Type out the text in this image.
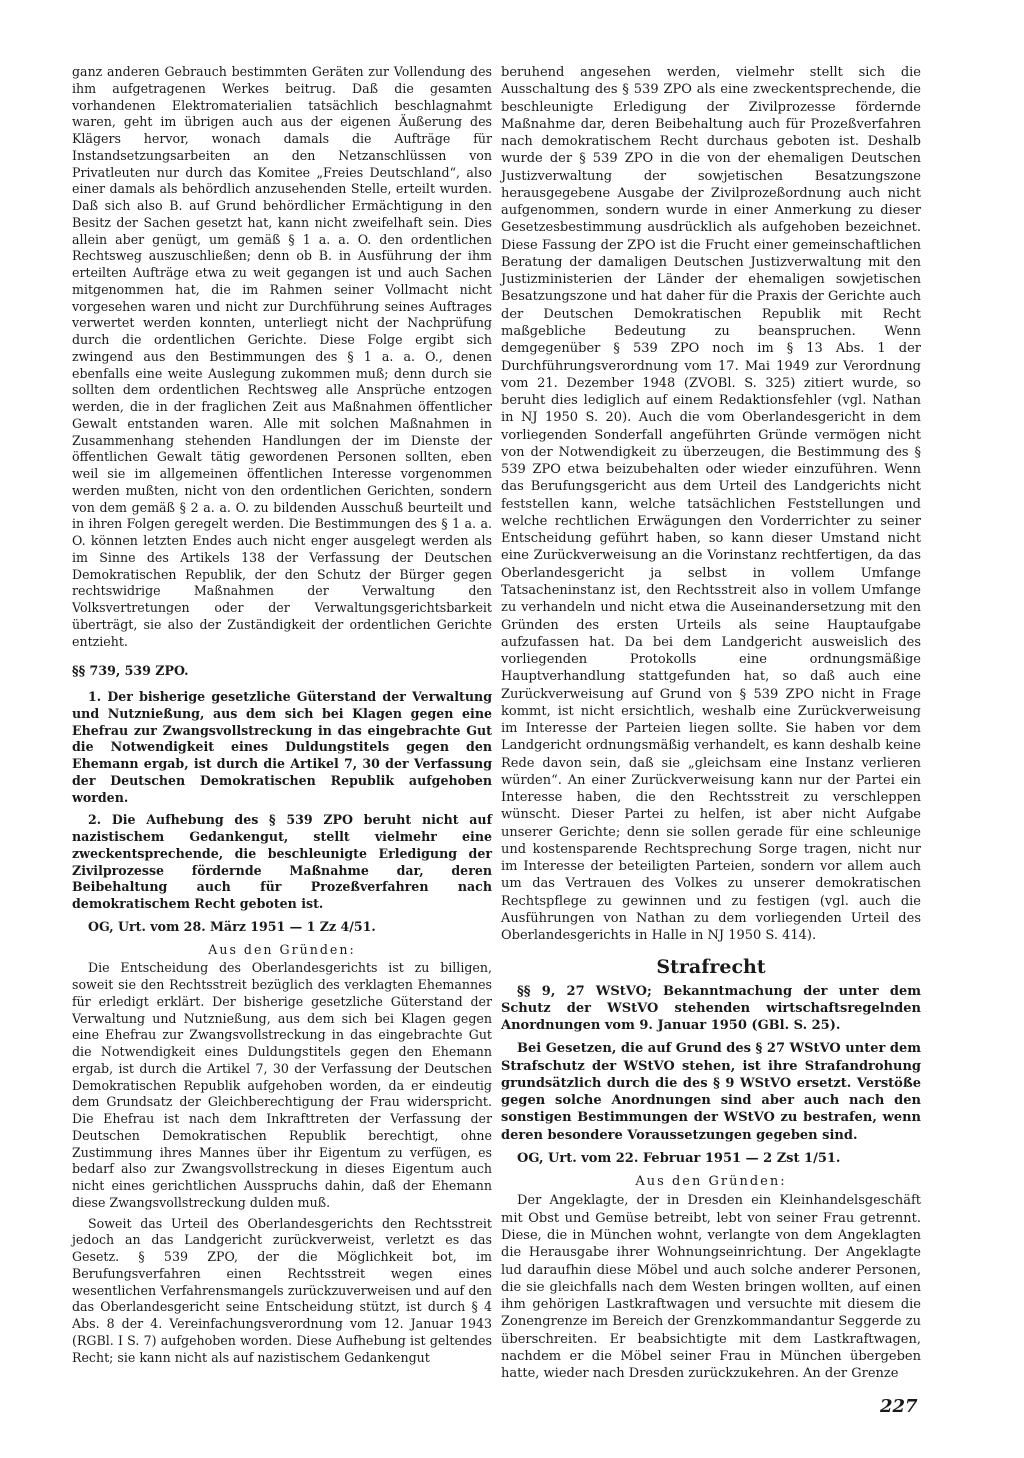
ganz anderen Gebrauch bestimmten Geräten zur Vollendung des ihm aufgetragenen Werkes beitrug. Daß die gesamten vorhandenen Elektromaterialien tatsächlich beschlagnahmt waren, geht im übrigen auch aus der eigenen Äußerung des Klägers hervor, wonach damals die Aufträge für Instandsetzungsarbeiten an den Netzanschlüssen von Privatleuten nur durch das Komitee „Freies Deutschland“, also einer damals als behördlich anzusehenden Stelle, erteilt wurden. Daß sich also B. auf Grund behördlicher Ermächtigung in den Besitz der Sachen gesetzt hat, kann nicht zweifelhaft sein. Dies allein aber genügt, um gemäß § 1 a. a. O. den ordentlichen Rechtsweg auszuschließen; denn ob B. in Ausführung der ihm erteilten Aufträge etwa zu weit gegangen ist und auch Sachen mitgenommen hat, die im Rahmen seiner Vollmacht nicht vorgesehen waren und nicht zur Durchführung seines Auftrages verwertet werden konnten, unterliegt nicht der Nachprüfung durch die ordentlichen Gerichte. Diese Folge ergibt sich zwingend aus den Bestimmungen des § 1 a. a. O., denen ebenfalls eine weite Auslegung zukommen muß; denn durch sie sollten dem ordentlichen Rechtsweg alle Ansprüche entzogen werden, die in der fraglichen Zeit aus Maßnahmen öffentlicher Gewalt entstanden waren. Alle mit solchen Maßnahmen in Zusammenhang stehenden Handlungen der im Dienste der öffentlichen Gewalt tätig gewordenen Personen sollten, eben weil sie im allgemeinen öffentlichen Interesse vorgenommen werden mußten, nicht von den ordentlichen Gerichten, sondern von dem gemäß § 2 a. a. O. zu bildenden Ausschuß beurteilt und in ihren Folgen geregelt werden. Die Bestimmungen des § 1 a. a. O. können letzten Endes auch nicht enger ausgelegt werden als im Sinne des Artikels 138 der Verfassung der Deutschen Demokratischen Republik, der den Schutz der Bürger gegen rechtswidrige Maßnahmen der Verwaltung den Volksvertretungen oder der Verwaltungsgerichtsbarkeit überträgt, sie also der Zuständigkeit der ordentlichen Gerichte entzieht.

§§ 739, 539 ZPO.

1. Der bisherige gesetzliche Güterstand der Verwaltung und Nutznießung, aus dem sich bei Klagen gegen eine Ehefrau zur Zwangsvollstreckung in das eingebrachte Gut die Notwendigkeit eines Duldungstitels gegen den Ehemann ergab, ist durch die Artikel 7, 30 der Verfassung der Deutschen Demokratischen Republik aufgehoben worden.

2. Die Aufhebung des § 539 ZPO beruht nicht auf nazistischem Gedankengut, stellt vielmehr eine zweckentsprechende, die beschleunigte Erledigung der Zivilprozesse fördernde Maßnahme dar, deren Beibehaltung auch für Prozeßverfahren nach demokratischem Recht geboten ist.

OG, Urt. vom 28. März 1951 — 1 Zz 4/51.

Aus den Gründen:

Die Entscheidung des Oberlandesgerichts ist zu billigen, soweit sie den Rechtsstreit bezüglich des verklagten Ehemannes für erledigt erklärt. Der bisherige gesetzliche Güterstand der Verwaltung und Nutznießung, aus dem sich bei Klagen gegen eine Ehefrau zur Zwangsvollstreckung in das eingebrachte Gut die Notwendigkeit eines Duldungstitels gegen den Ehemann ergab, ist durch die Artikel 7, 30 der Verfassung der Deutschen Demokratischen Republik aufgehoben worden, da er eindeutig dem Grundsatz der Gleichberechtigung der Frau widerspricht. Die Ehefrau ist nach dem Inkrafttreten der Verfassung der Deutschen Demokratischen Republik berechtigt, ohne Zustimmung ihres Mannes über ihr Eigentum zu verfügen, es bedarf also zur Zwangsvollstreckung in dieses Eigentum auch nicht eines gerichtlichen Ausspruchs dahin, daß der Ehemann diese Zwangsvollstreckung dulden muß.

Soweit das Urteil des Oberlandesgerichts den Rechtsstreit jedoch an das Landgericht zurückverweist, verletzt es das Gesetz. § 539 ZPO, der die Möglichkeit bot, im Berufungsverfahren einen Rechtsstreit wegen eines wesentlichen Verfahrensmangels zurückzuverweisen und auf den das Oberlandesgericht seine Entscheidung stützt, ist durch § 4 Abs. 8 der 4. Vereinfachungsverordnung vom 12. Januar 1943 (RGBl. I S. 7) aufgehoben worden. Diese Aufhebung ist geltendes Recht; sie kann nicht als auf nazistischem Gedankengut

beruhend angesehen werden, vielmehr stellt sich die Ausschaltung des § 539 ZPO als eine zweckentsprechende, die beschleunigte Erledigung der Zivilprozesse fördernde Maßnahme dar, deren Beibehaltung auch für Prozeßverfahren nach demokratischem Recht durchaus geboten ist. Deshalb wurde der § 539 ZPO in die von der ehemaligen Deutschen Justizverwaltung der sowjetischen Besatzungszone herausgegebene Ausgabe der Zivilprozeßordnung auch nicht aufgenommen, sondern wurde in einer Anmerkung zu dieser Gesetzesbestimmung ausdrücklich als aufgehoben bezeichnet. Diese Fassung der ZPO ist die Frucht einer gemeinschaftlichen Beratung der damaligen Deutschen Justizverwaltung mit den Justizministerien der Länder der ehemaligen sowjetischen Besatzungszone und hat daher für die Praxis der Gerichte auch der Deutschen Demokratischen Republik mit Recht maßgebliche Bedeutung zu beanspruchen. Wenn demgegenüber § 539 ZPO noch im § 13 Abs. 1 der Durchführungsverordnung vom 17. Mai 1949 zur Verordnung vom 21. Dezember 1948 (ZVOBl. S. 325) zitiert wurde, so beruht dies lediglich auf einem Redaktionsfehler (vgl. Nathan in NJ 1950 S. 20). Auch die vom Oberlandesgericht in dem vorliegenden Sonderfall angeführten Gründe vermögen nicht von der Notwendigkeit zu überzeugen, die Bestimmung des § 539 ZPO etwa beizubehalten oder wieder einzuführen. Wenn das Berufungsgericht aus dem Urteil des Landgerichts nicht feststellen kann, welche tatsächlichen Feststellungen und welche rechtlichen Erwägungen den Vorderrichter zu seiner Entscheidung geführt haben, so kann dieser Umstand nicht eine Zurückverweisung an die Vorinstanz rechtfertigen, da das Oberlandesgericht ja selbst in vollem Umfange Tatsacheninstanz ist, den Rechtsstreit also in vollem Umfange zu verhandeln und nicht etwa die Auseinandersetzung mit den Gründen des ersten Urteils als seine Hauptaufgabe aufzufassen hat. Da bei dem Landgericht ausweislich des vorliegenden Protokolls eine ordnungsmäßige Hauptverhandlung stattgefunden hat, so daß auch eine Zurückverweisung auf Grund von § 539 ZPO nicht in Frage kommt, ist nicht ersichtlich, weshalb eine Zurückverweisung im Interesse der Parteien liegen sollte. Sie haben vor dem Landgericht ordnungsmäßig verhandelt, es kann deshalb keine Rede davon sein, daß sie „gleichsam eine Instanz verlieren würden“. An einer Zurückverweisung kann nur der Partei ein Interesse haben, die den Rechtsstreit zu verschleppen wünscht. Dieser Partei zu helfen, ist aber nicht Aufgabe unserer Gerichte; denn sie sollen gerade für eine schleunige und kostensparende Rechtsprechung Sorge tragen, nicht nur im Interesse der beteiligten Parteien, sondern vor allem auch um das Vertrauen des Volkes zu unserer demokratischen Rechtspflege zu gewinnen und zu festigen (vgl. auch die Ausführungen von Nathan zu dem vorliegenden Urteil des Oberlandesgerichts in Halle in NJ 1950 S. 414).

Strafrecht

§§ 9, 27 WStVO; Bekanntmachung der unter dem Schutz der WStVO stehenden wirtschaftsregelnden Anordnungen vom 9. Januar 1950 (GBl. S. 25).

Bei Gesetzen, die auf Grund des § 27 WStVO unter dem Strafschutz der WStVO stehen, ist ihre Strafandrohung grundsätzlich durch die des § 9 WStVO ersetzt. Verstöße gegen solche Anordnungen sind aber auch nach den sonstigen Bestimmungen der WStVO zu bestrafen, wenn deren besondere Voraussetzungen gegeben sind.

OG, Urt. vom 22. Februar 1951 — 2 Zst 1/51.

Aus den Gründen:

Der Angeklagte, der in Dresden ein Kleinhandelsgeschäft mit Obst und Gemüse betreibt, lebt von seiner Frau getrennt. Diese, die in München wohnt, verlangte von dem Angeklagten die Herausgabe ihrer Wohnungseinrichtung. Der Angeklagte lud daraufhin diese Möbel und auch solche anderer Personen, die sie gleichfalls nach dem Westen bringen wollten, auf einen ihm gehörigen Lastkraftwagen und versuchte mit diesem die Zonengrenze im Bereich der Grenzkommandantur Seggerde zu überschreiten. Er beabsichtigte mit dem Lastkraftwagen, nachdem er die Möbel seiner Frau in München übergeben hatte, wieder nach Dresden zurückzukehren. An der Grenze

227
